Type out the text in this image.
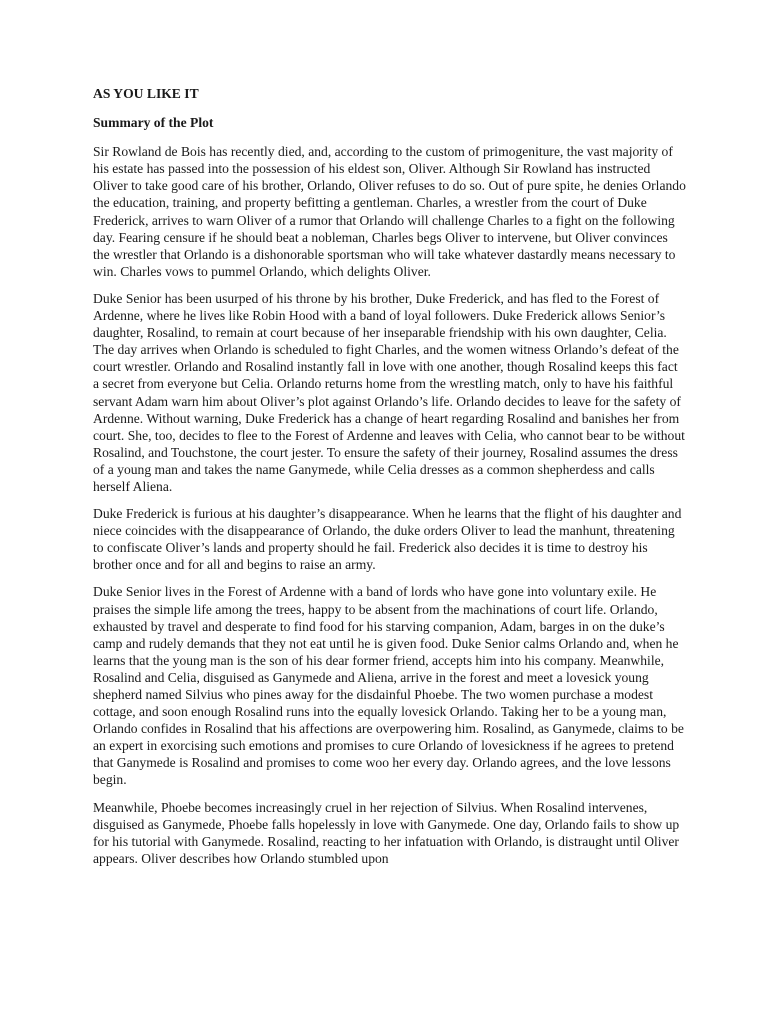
AS YOU LIKE IT
Summary of the Plot

Sir Rowland de Bois has recently died, and, according to the custom of primogeniture, the vast majority of his estate has passed into the possession of his eldest son, Oliver. Although Sir Rowland has instructed Oliver to take good care of his brother, Orlando, Oliver refuses to do so. Out of pure spite, he denies Orlando the education, training, and property befitting a gentleman. Charles, a wrestler from the court of Duke Frederick, arrives to warn Oliver of a rumor that Orlando will challenge Charles to a fight on the following day. Fearing censure if he should beat a nobleman, Charles begs Oliver to intervene, but Oliver convinces the wrestler that Orlando is a dishonorable sportsman who will take whatever dastardly means necessary to win. Charles vows to pummel Orlando, which delights Oliver.

Duke Senior has been usurped of his throne by his brother, Duke Frederick, and has fled to the Forest of Ardenne, where he lives like Robin Hood with a band of loyal followers. Duke Frederick allows Senior’s daughter, Rosalind, to remain at court because of her inseparable friendship with his own daughter, Celia. The day arrives when Orlando is scheduled to fight Charles, and the women witness Orlando’s defeat of the court wrestler. Orlando and Rosalind instantly fall in love with one another, though Rosalind keeps this fact a secret from everyone but Celia. Orlando returns home from the wrestling match, only to have his faithful servant Adam warn him about Oliver’s plot against Orlando’s life. Orlando decides to leave for the safety of Ardenne. Without warning, Duke Frederick has a change of heart regarding Rosalind and banishes her from court. She, too, decides to flee to the Forest of Ardenne and leaves with Celia, who cannot bear to be without Rosalind, and Touchstone, the court jester. To ensure the safety of their journey, Rosalind assumes the dress of a young man and takes the name Ganymede, while Celia dresses as a common shepherdess and calls herself Aliena.

Duke Frederick is furious at his daughter’s disappearance. When he learns that the flight of his daughter and niece coincides with the disappearance of Orlando, the duke orders Oliver to lead the manhunt, threatening to confiscate Oliver’s lands and property should he fail. Frederick also decides it is time to destroy his brother once and for all and begins to raise an army.

Duke Senior lives in the Forest of Ardenne with a band of lords who have gone into voluntary exile. He praises the simple life among the trees, happy to be absent from the machinations of court life. Orlando, exhausted by travel and desperate to find food for his starving companion, Adam, barges in on the duke’s camp and rudely demands that they not eat until he is given food. Duke Senior calms Orlando and, when he learns that the young man is the son of his dear former friend, accepts him into his company. Meanwhile, Rosalind and Celia, disguised as Ganymede and Aliena, arrive in the forest and meet a lovesick young shepherd named Silvius who pines away for the disdainful Phoebe. The two women purchase a modest cottage, and soon enough Rosalind runs into the equally lovesick Orlando. Taking her to be a young man, Orlando confides in Rosalind that his affections are overpowering him. Rosalind, as Ganymede, claims to be an expert in exorcising such emotions and promises to cure Orlando of lovesickness if he agrees to pretend that Ganymede is Rosalind and promises to come woo her every day. Orlando agrees, and the love lessons begin.

Meanwhile, Phoebe becomes increasingly cruel in her rejection of Silvius. When Rosalind intervenes, disguised as Ganymede, Phoebe falls hopelessly in love with Ganymede. One day, Orlando fails to show up for his tutorial with Ganymede. Rosalind, reacting to her infatuation with Orlando, is distraught until Oliver appears. Oliver describes how Orlando stumbled upon
